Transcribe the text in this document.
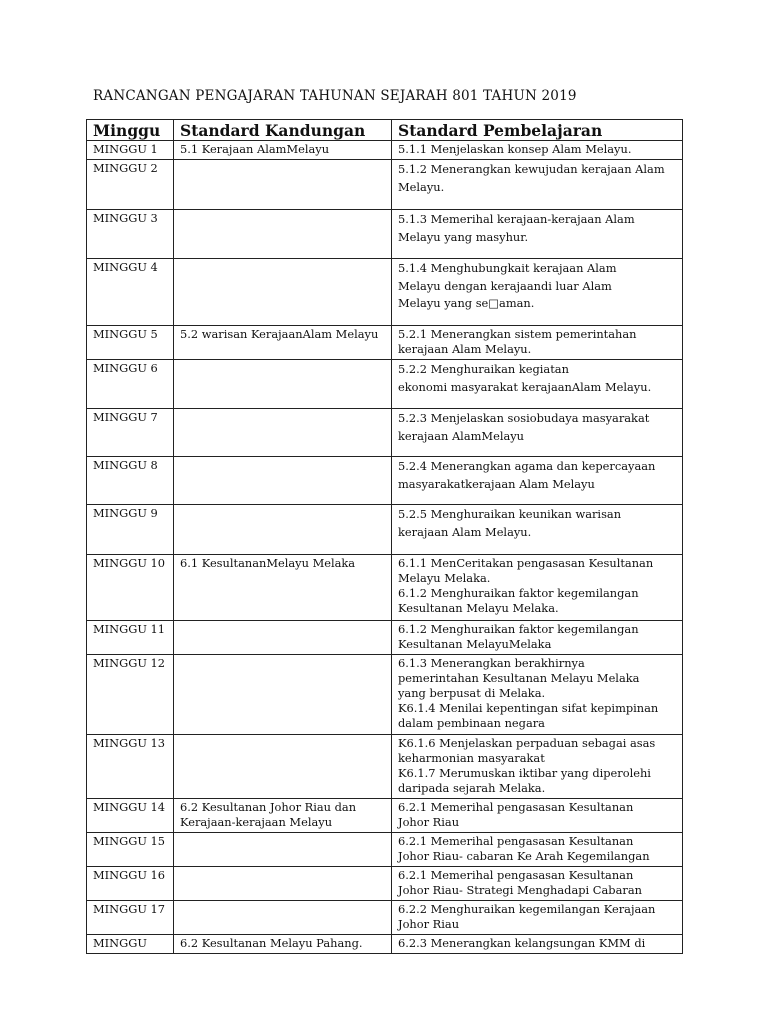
RANCANGAN PENGAJARAN TAHUNAN SEJARAH 801 TAHUN 2019
Minggu	Standard Kandungan	Standard Pembelajaran
MINGGU 1	5.1 Kerajaan AlamMelayu	5.1.1 Menjelaskan konsep Alam Melayu.

MINGGU 2		5.1.2 Menerangkan kewujudan kerajaan Alam
Melayu.

MINGGU 3		5.1.3 Memerihal kerajaan-kerajaan Alam
Melayu yang masyhur.

MINGGU 4		5.1.4 Menghubungkait kerajaan Alam
Melayu dengan kerajaandi luar Alam
Melayu yang se□aman.

MINGGU 5	5.2 warisan KerajaanAlam Melayu	5.2.1 Menerangkan sistem pemerintahan
kerajaan Alam Melayu.

MINGGU 6		5.2.2 Menghuraikan kegiatan
ekonomi masyarakat kerajaanAlam Melayu.

MINGGU 7		5.2.3 Menjelaskan sosiobudaya masyarakat
kerajaan AlamMelayu

MINGGU 8		5.2.4 Menerangkan agama dan kepercayaan
masyarakatkerajaan Alam Melayu

MINGGU 9		5.2.5 Menghuraikan keunikan warisan
kerajaan Alam Melayu.

MINGGU 10	6.1 KesultananMelayu Melaka	6.1.1 MenCeritakan pengasasan Kesultanan
Melayu Melaka.
6.1.2 Menghuraikan faktor kegemilangan
Kesultanan Melayu Melaka.

MINGGU 11		6.1.2 Menghuraikan faktor kegemilangan
Kesultanan MelayuMelaka

MINGGU 12		6.1.3 Menerangkan berakhirnya
pemerintahan Kesultanan Melayu Melaka
yang berpusat di Melaka.
K6.1.4 Menilai kepentingan sifat kepimpinan
dalam pembinaan negara

MINGGU 13		K6.1.6 Menjelaskan perpaduan sebagai asas
keharmonian masyarakat
K6.1.7 Merumuskan iktibar yang diperolehi
daripada sejarah Melaka.

MINGGU 14	6.2 Kesultanan Johor Riau dan Kerajaan-kerajaan Melayu	6.2.1 Memerihal pengasasan Kesultanan
Johor Riau

MINGGU 15		6.2.1 Memerihal pengasasan Kesultanan
Johor Riau- cabaran Ke Arah Kegemilangan

MINGGU 16		6.2.1 Memerihal pengasasan Kesultanan
Johor Riau- Strategi Menghadapi Cabaran

MINGGU 17		6.2.2 Menghuraikan kegemilangan Kerajaan
Johor Riau

MINGGU	6.2 Kesultanan Melayu Pahang.	6.2.3 Menerangkan kelangsungan KMM di
